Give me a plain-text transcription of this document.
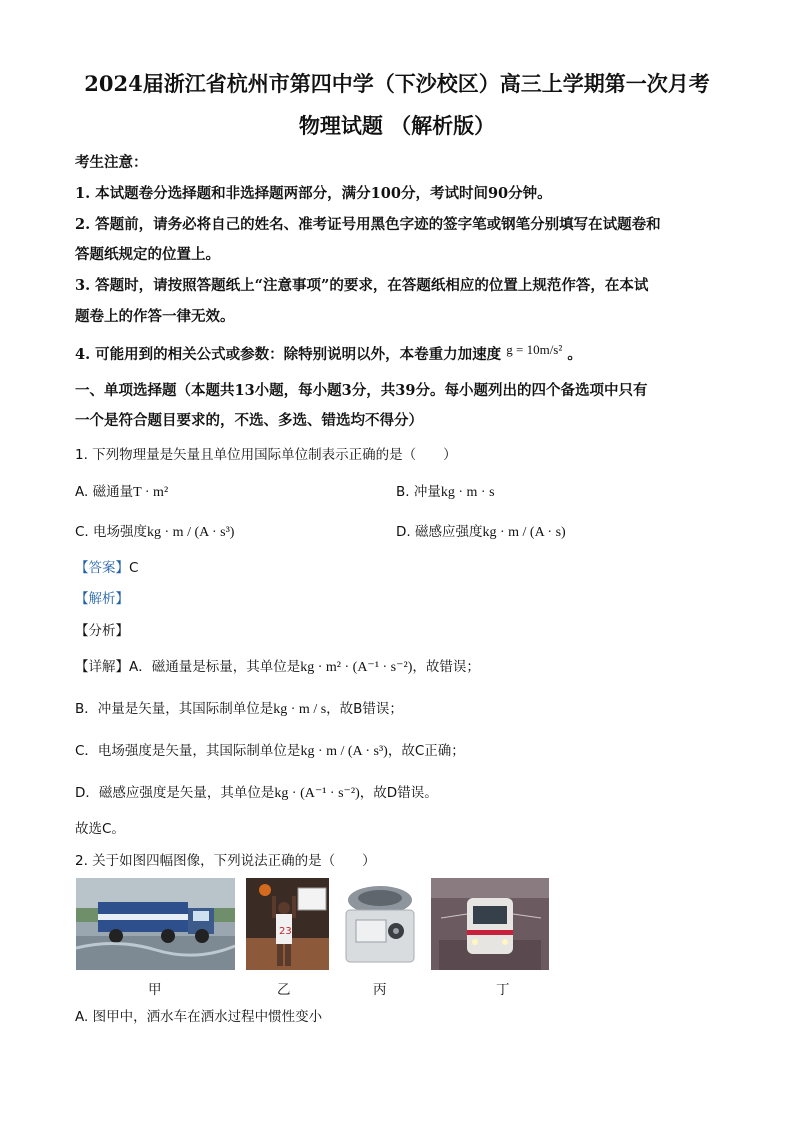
2024届浙江省杭州市第四中学（下沙校区）高三上学期第一次月考
物理试题 （解析版）
考生注意：
1. 本试题卷分选择题和非选择题两部分，满分100分，考试时间90分钟。
2. 答题前，请务必将自己的姓名、准考证号用黑色字迹的签字笔或钢笔分别填写在试题卷和
答题纸规定的位置上。
3. 答题时，请按照答题纸上“注意事项”的要求，在答题纸相应的位置上规范作答，在本试
题卷上的作答一律无效。
4. 可能用到的相关公式或参数：除特别说明以外，本卷重力加速度 g = 10m/s² 。
一、单项选择题（本题共13小题，每小题3分，共39分。每小题列出的四个备选项中只有
一个是符合题目要求的，不选、多选、错选均不得分）
1. 下列物理量是矢量且单位用国际单位制表示正确的是（　　）
A. 磁通量T · m²	B. 冲量kg · m · s
C. 电场强度kg · m / (A · s³)	D. 磁感应强度kg · m / (A · s)
【答案】C
【解析】
【分析】
【详解】A．磁通量是标量，其单位是kg · m² · (A⁻¹ · s⁻²)，故错误；
B．冲量是矢量，其国际制单位是kg · m / s，故B错误；
C．电场强度是矢量，其国际制单位是kg · m / (A · s³)，故C正确；
D．磁感应强度是矢量，其单位是kg · (A⁻¹ · s⁻²)，故D错误。
故选C。
2. 关于如图四幅图像，下列说法正确的是（　　）
23
甲	乙	丙	丁
A. 图甲中，洒水车在洒水过程中惯性变小
